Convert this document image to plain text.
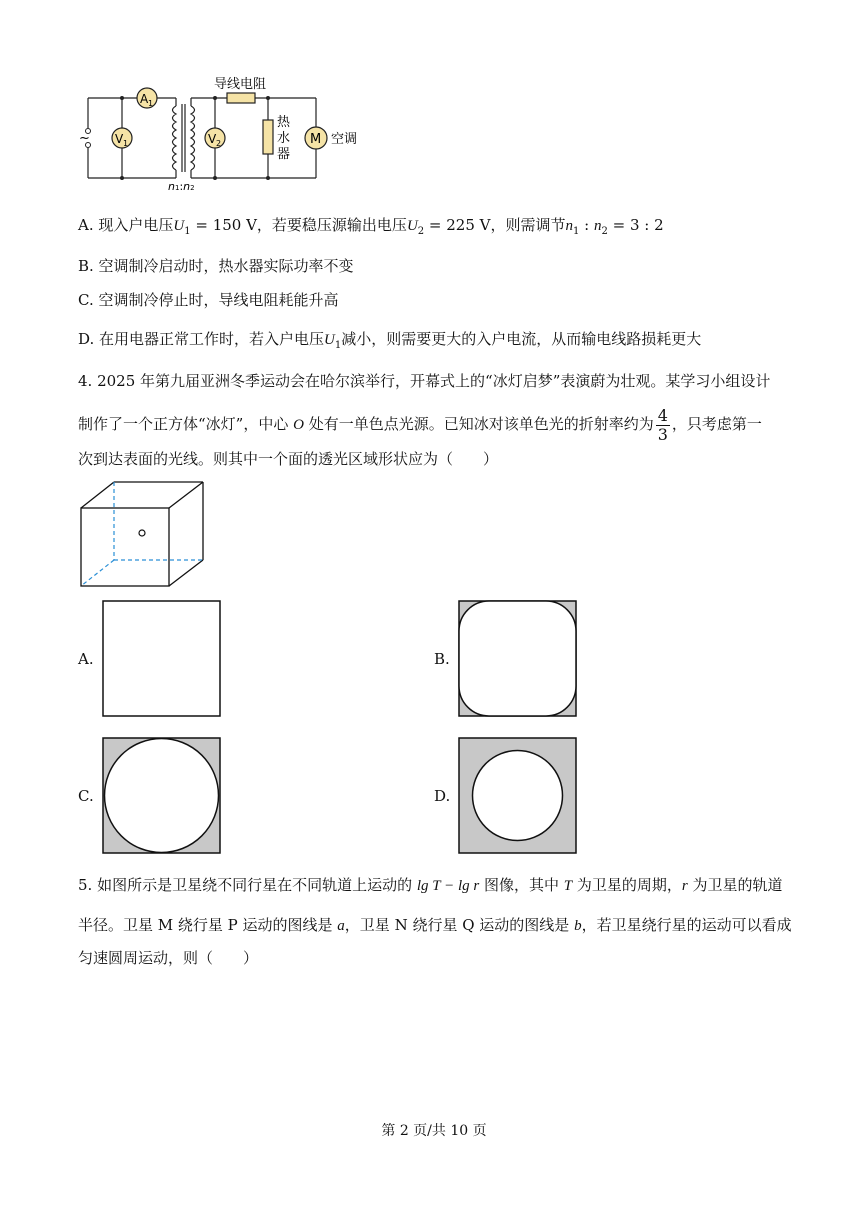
~
A 1
V 1	V 2
导线电阻
热水器
M 空调
n1:n2
A. 现入户电压$U_1 = 150$ V，若要稳压源输出电压$U_2 = 225$ V，则需调节$n_1$ : $n_2 = 3$ : 2
B. 空调制冷启动时，热水器实际功率不变
C. 空调制冷停止时，导线电阻耗能升高
D. 在用电器正常工作时，若入户电压$U_1$减小，则需要更大的入户电流，从而输电线路损耗更大
4. 2025 年第九届亚洲冬季运动会在哈尔滨举行，开幕式上的“冰灯启梦”表演蔚为壮观。某学习小组设计
制作了一个正方体“冰灯”，中心 O 处有一单色点光源。已知冰对该单色光的折射率约为 $\frac{4}{3}$ ，只考虑第一
次到达表面的光线。则其中一个面的透光区域形状应为（　　）
A.	B.
C.	D.
5. 如图所示是卫星绕不同行星在不同轨道上运动的 lg T − lg r 图像，其中 T 为卫星的周期，r 为卫星的轨道
半径。卫星 M 绕行星 P 运动的图线是 a，卫星 N 绕行星 Q 运动的图线是 b，若卫星绕行星的运动可以看成
匀速圆周运动，则（　　）
第 2 页/共 10 页
